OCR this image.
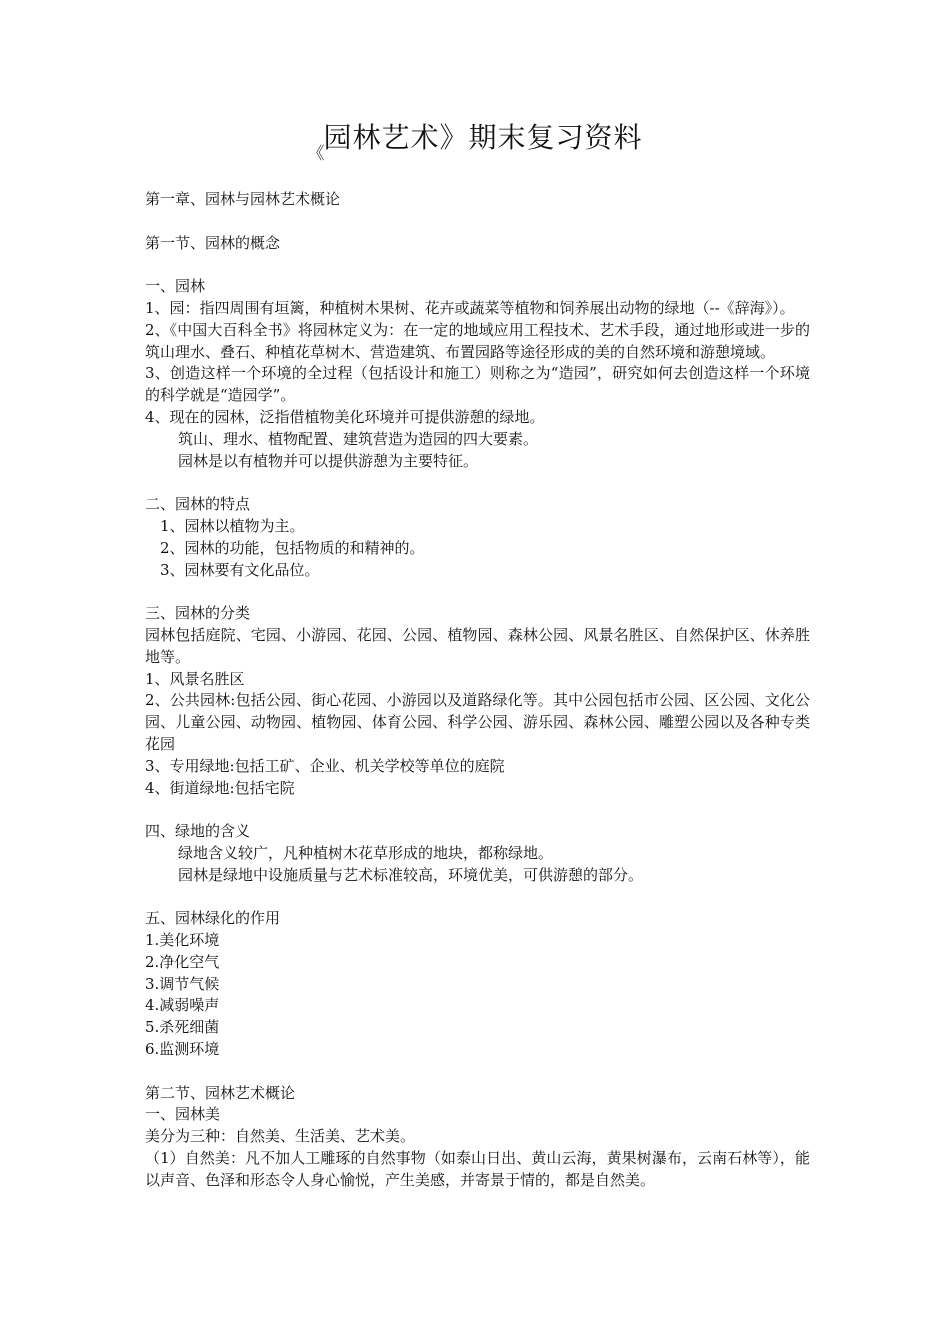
$_《$园林艺术》期末复习资料

第一章、园林与园林艺术概论

第一节、园林的概念

一、园林

1、园：指四周围有垣篱，种植树木果树、花卉或蔬菜等植物和饲养展出动物的绿地（--《辞海》）。

2、《中国大百科全书》将园林定义为：在一定的地域应用工程技术、艺术手段，通过地形或进一步的筑山理水、叠石、种植花草树木、营造建筑、布置园路等途径形成的美的自然环境和游憩境域。

3、创造这样一个环境的全过程（包括设计和施工）则称之为“造园”，研究如何去创造这样一个环境的科学就是“造园学”。

4、现在的园林，泛指借植物美化环境并可提供游憩的绿地。

筑山、理水、植物配置、建筑营造为造园的四大要素。

园林是以有植物并可以提供游憩为主要特征。

二、园林的特点

1、园林以植物为主。

2、园林的功能，包括物质的和精神的。

3、园林要有文化品位。

三、园林的分类

园林包括庭院、宅园、小游园、花园、公园、植物园、森林公园、风景名胜区、自然保护区、休养胜地等。

1、风景名胜区

2、公共园林:包括公园、街心花园、小游园以及道路绿化等。其中公园包括市公园、区公园、文化公园、儿童公园、动物园、植物园、体育公园、科学公园、游乐园、森林公园、雕塑公园以及各种专类花园

3、专用绿地:包括工矿、企业、机关学校等单位的庭院

4、街道绿地:包括宅院

四、绿地的含义

绿地含义较广，凡种植树木花草形成的地块，都称绿地。

园林是绿地中设施质量与艺术标准较高，环境优美，可供游憩的部分。

五、园林绿化的作用

1.美化环境

2.净化空气

3.调节气候

4.减弱噪声

5.杀死细菌

6.监测环境

第二节、园林艺术概论

一、园林美

美分为三种：自然美、生活美、艺术美。

（1）自然美：凡不加人工雕琢的自然事物（如泰山日出、黄山云海，黄果树瀑布，云南石林等），能以声音、色泽和形态令人身心愉悦，产生美感，并寄景于情的，都是自然美。
